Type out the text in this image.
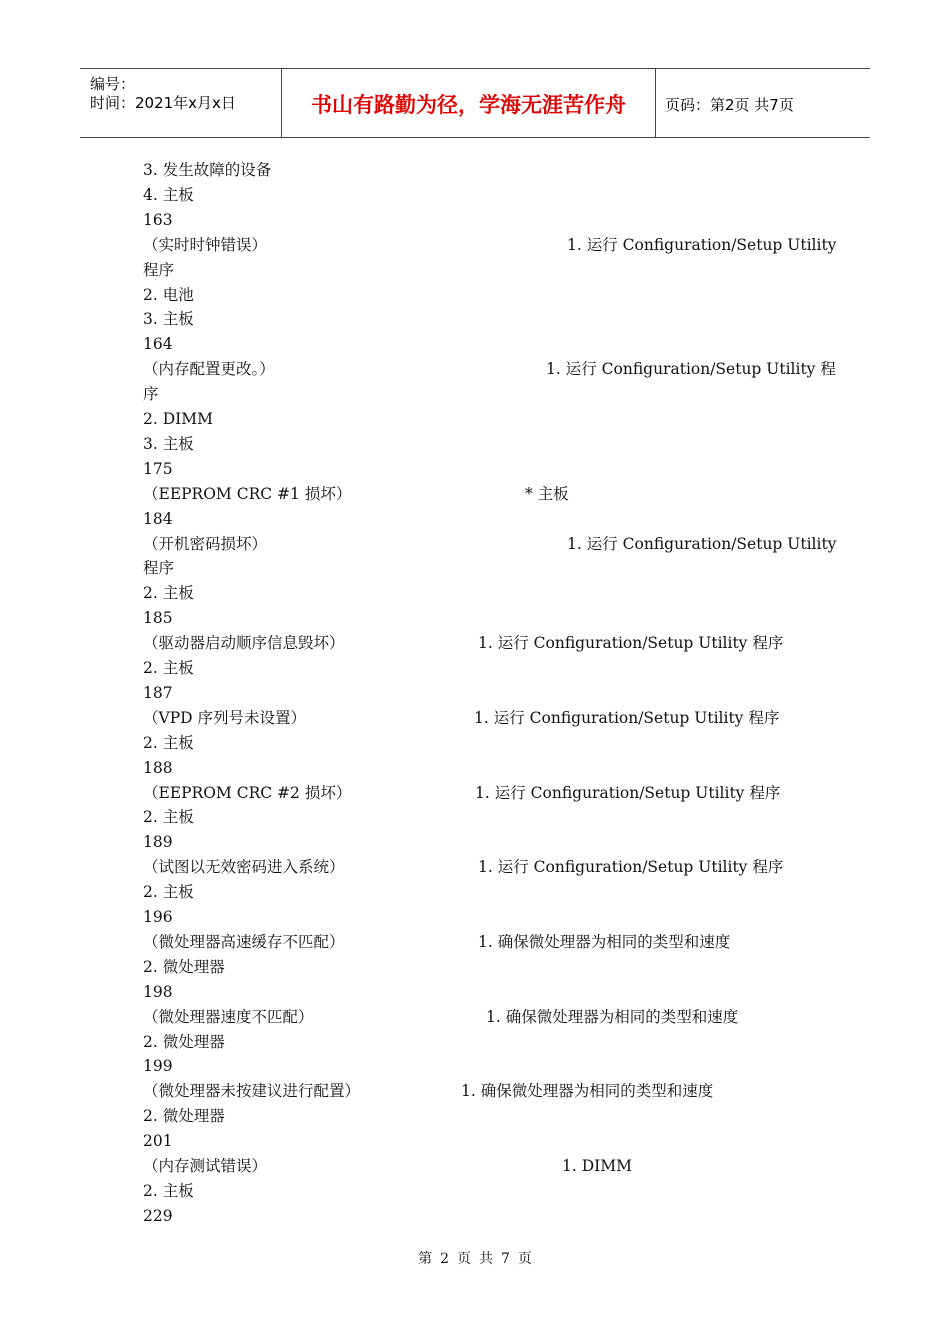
编号：
时间：2021年x月x日	书山有路勤为径，学海无涯苦作舟	页码：第2页 共7页
3. 发生故障的设备
4. 主板
163
（实时时钟错误）	1. 运行 Configuration/Setup Utility
程序
2. 电池
3. 主板
164
（内存配置更改。）	1. 运行 Configuration/Setup Utility 程
序
2. DIMM
3. 主板
175
（EEPROM CRC #1 损坏）	* 主板
184
（开机密码损坏）	1. 运行 Configuration/Setup Utility
程序
2. 主板
185
（驱动器启动顺序信息毁坏）	1. 运行 Configuration/Setup Utility 程序
2. 主板
187
（VPD 序列号未设置）	1. 运行 Configuration/Setup Utility 程序
2. 主板
188
（EEPROM CRC #2 损坏）	1. 运行 Configuration/Setup Utility 程序
2. 主板
189
（试图以无效密码进入系统）	1. 运行 Configuration/Setup Utility 程序
2. 主板
196
（微处理器高速缓存不匹配）	1. 确保微处理器为相同的类型和速度
2. 微处理器
198
（微处理器速度不匹配）	1. 确保微处理器为相同的类型和速度
2. 微处理器
199
（微处理器未按建议进行配置）	1. 确保微处理器为相同的类型和速度
2. 微处理器
201
（内存测试错误）	1. DIMM
2. 主板
229
第 2 页 共 7 页
